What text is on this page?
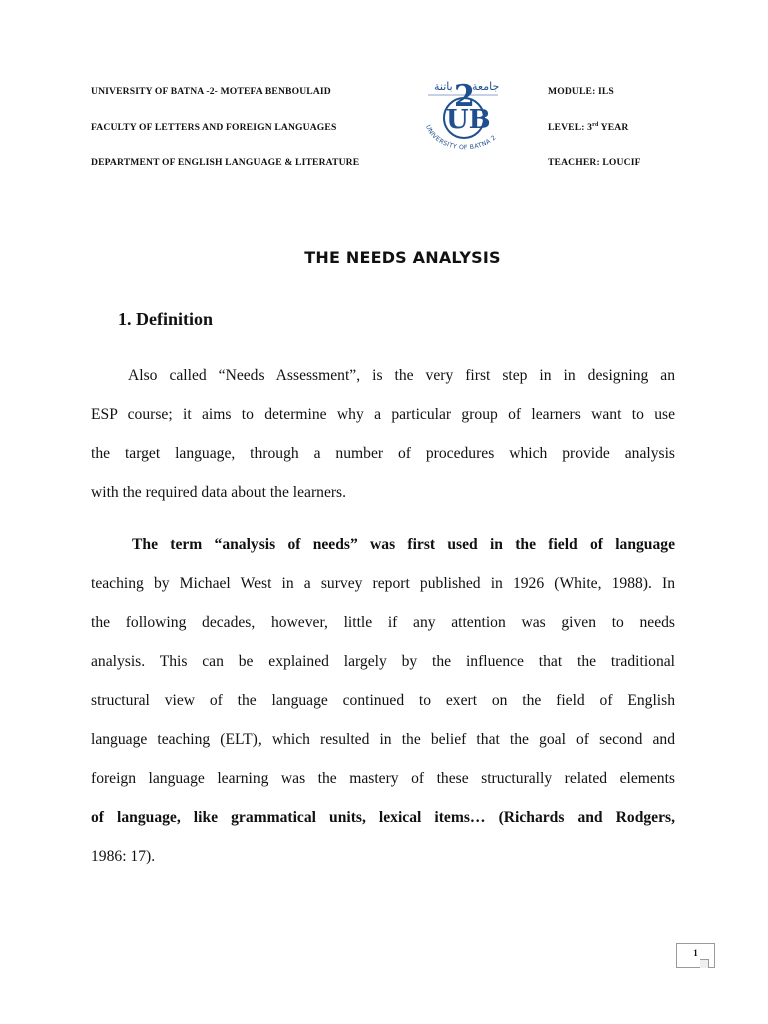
UNIVERSITY OF BATNA -2- MOTEFA BENBOULAID
FACULTY OF LETTERS AND FOREIGN LANGUAGES
DEPARTMENT OF ENGLISH LANGUAGE & LITERATURE
MODULE: ILS
LEVEL: 3rd YEAR
TEACHER: LOUCIF
باتنة جامعة
2
UB
UNIVERSITY OF BATNA 2
THE NEEDS ANALYSIS
1. Definition
Also called “Needs Assessment”, is the very first step in in designing an
ESP course; it aims to determine why a particular group of learners want to use
the target language, through a number of procedures which provide analysis
with the required data about the learners.
The term “analysis of needs” was first used in the field of language
teaching by Michael West in a survey report published in 1926 (White, 1988). In
the following decades, however, little if any attention was given to needs
analysis. This can be explained largely by the influence that the traditional
structural view of the language continued to exert on the field of English
language teaching (ELT), which resulted in the belief that the goal of second and
foreign language learning was the mastery of these structurally related elements
of language, like grammatical units, lexical items… (Richards and Rodgers,
1986: 17).
1
